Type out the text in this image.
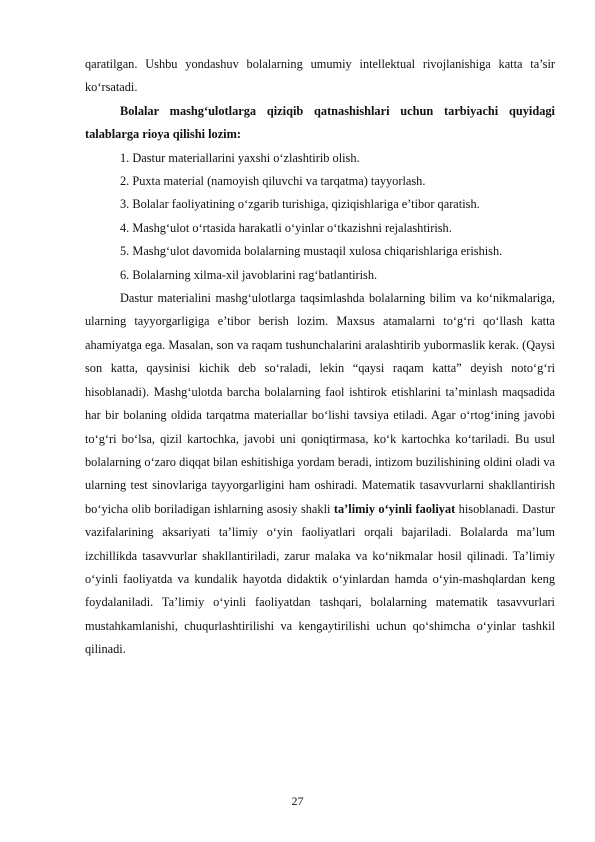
qaratilgan. Ushbu yondashuv bolalarning umumiy intellektual rivojlanishiga katta ta’sir ko‘rsatadi.

Bolalar mashg‘ulotlarga qiziqib qatnashishlari uchun tarbiyachi quyidagi talablarga rioya qilishi lozim:

1. Dastur materiallarini yaxshi o‘zlashtirib olish.

2. Puxta material (namoyish qiluvchi va tarqatma) tayyorlash.

3. Bolalar faoliyatining o‘zgarib turishiga, qiziqishlariga e’tibor qaratish.

4. Mashg‘ulot o‘rtasida harakatli o‘yinlar o‘tkazishni rejalashtirish.

5. Mashg‘ulot davomida bolalarning mustaqil xulosa chiqarishlariga erishish.

6. Bolalarning xilma-xil javoblarini rag‘batlantirish.

Dastur materialini mashg‘ulotlarga taqsimlashda bolalarning bilim va ko‘nikmalariga, ularning tayyorgarligiga e’tibor berish lozim. Maxsus atamalarni to‘g‘ri qo‘llash katta ahamiyatga ega. Masalan, son va raqam tushunchalarini aralashtirib yubormaslik kerak. (Qaysi son katta, qaysinisi kichik deb so‘raladi, lekin “qaysi raqam katta” deyish noto‘g‘ri hisoblanadi). Mashg‘ulotda barcha bolalarning faol ishtirok etishlarini ta’minlash maqsadida har bir bolaning oldida tarqatma materiallar bo‘lishi tavsiya etiladi. Agar o‘rtog‘ining javobi to‘g‘ri bo‘lsa, qizil kartochka, javobi uni qoniqtirmasa, ko‘k kartochka ko‘tariladi. Bu usul bolalarning o‘zaro diqqat bilan eshitishiga yordam beradi, intizom buzilishining oldini oladi va ularning test sinovlariga tayyorgarligini ham oshiradi. Matematik tasavvurlarni shakllantirish bo‘yicha olib boriladigan ishlarning asosiy shakli ta’limiy o‘yinli faoliyat hisoblanadi. Dastur vazifalarining aksariyati ta’limiy o‘yin faoliyatlari orqali bajariladi. Bolalarda ma’lum izchillikda tasavvurlar shakllantiriladi, zarur malaka va ko‘nikmalar hosil qilinadi. Ta’limiy o‘yinli faoliyatda va kundalik hayotda didaktik o‘yinlardan hamda o‘yin-mashqlardan keng foydalaniladi. Ta’limiy o‘yinli faoliyatdan tashqari, bolalarning matematik tasavvurlari mustahkamlanishi, chuqurlashtirilishi va kengaytirilishi uchun qo‘shimcha o‘yinlar tashkil qilinadi.

27
